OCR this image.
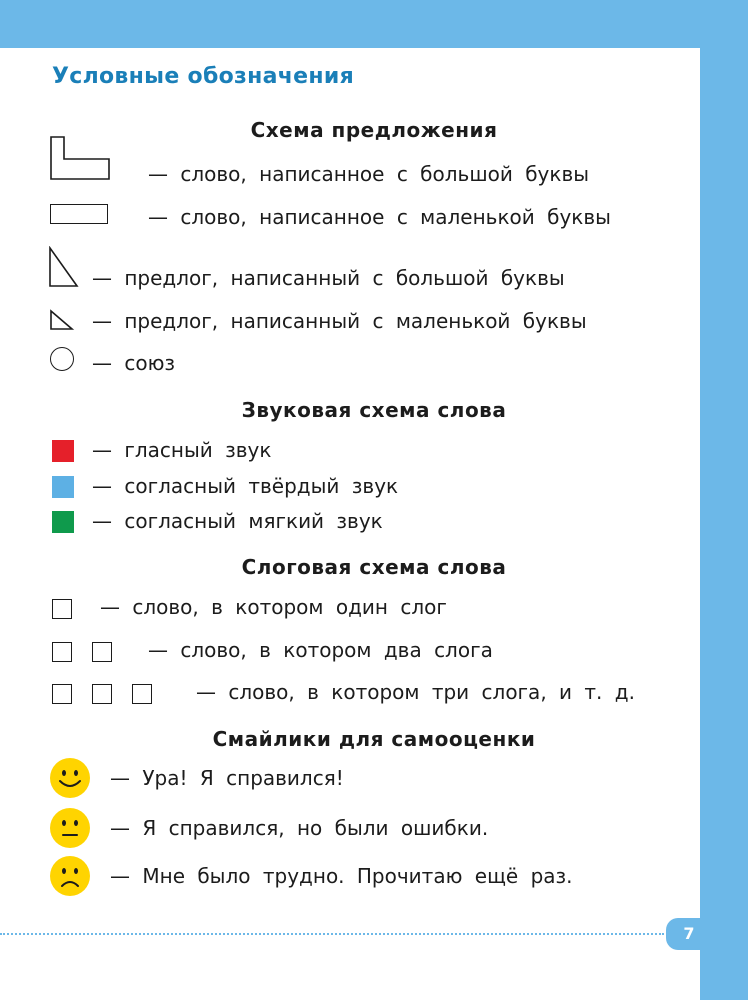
Условные обозначения
Схема предложения
— слово, написанное с большой буквы
— слово, написанное с маленькой буквы
— предлог, написанный с большой буквы
— предлог, написанный с маленькой буквы
— союз
Звуковая схема слова
— гласный звук
— согласный твёрдый звук
— согласный мягкий звук
Слоговая схема слова
— слово, в котором один слог
— слово, в котором два слога
— слово, в котором три слога, и т. д.
Смайлики для самооценки
— Ура! Я справился!
— Я справился, но были ошибки.
— Мне было трудно. Прочитаю ещё раз.
7
